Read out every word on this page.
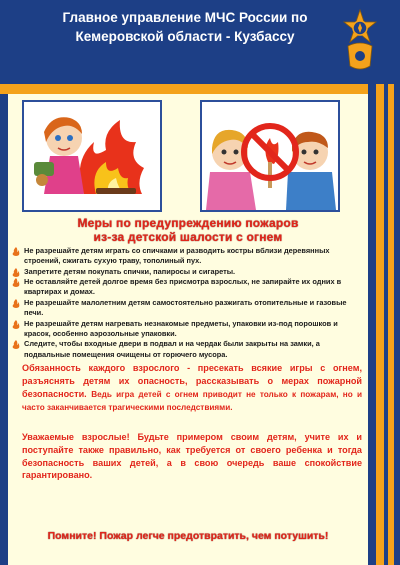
Главное управление МЧС России по
Кемеровской области - Кузбассу
Меры по предупреждению пожаров
из-за детской шалости с огнем
Не разрешайте детям играть со спичками и разводить костры вблизи деревянных строений, сжигать сухую траву, тополиный пух.
Запретите детям покупать спички, папиросы и сигареты.
Не оставляйте детей долгое время без присмотра взрослых, не запирайте их одних в квартирах и домах.
Не разрешайте малолетним детям самостоятельно разжигать отопительные и газовые печи.
Не разрешайте детям нагревать незнакомые предметы, упаковки из-под порошков и красок, особенно аэрозольные упаковки.
Следите, чтобы входные двери в подвал и на чердак были закрыты на замки, а подвальные помещения очищены от горючего мусора.
Обязанность каждого взрослого - пресекать всякие игры с огнем, разъяснять детям их опасность, рассказывать о мерах пожарной безопасности. Ведь игра детей с огнем приводит не только к пожарам, но и часто заканчивается трагическими последствиями.
Уважаемые взрослые! Будьте примером своим детям, учите их и поступайте также правильно, как требуется от своего ребенка и тогда безопасность ваших детей, а в свою очередь ваше спокойствие гарантировано.
Помните! Пожар легче предотвратить, чем потушить!
